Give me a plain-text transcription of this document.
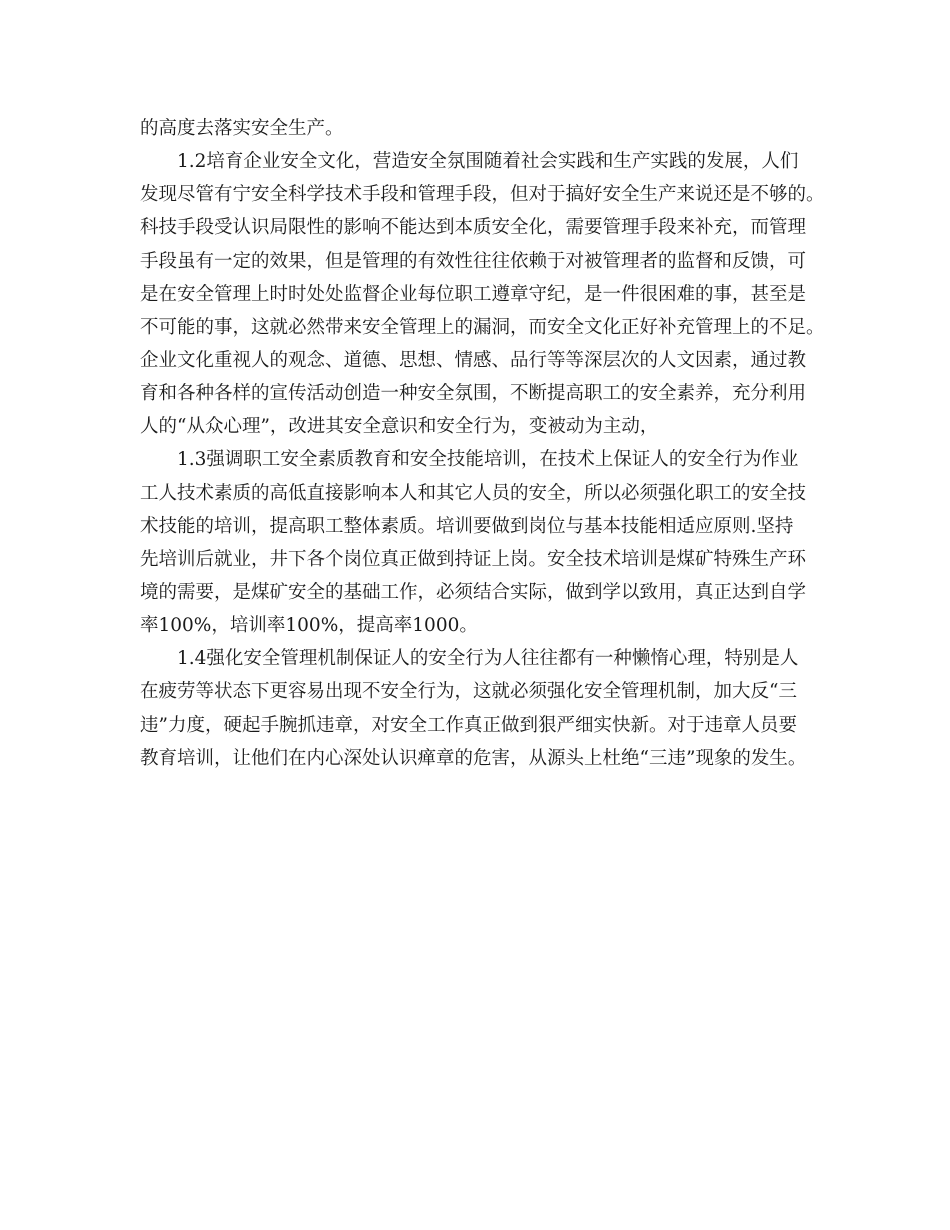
的高度去落实安全生产。
1.2培育企业安全文化，营造安全氛围随着社会实践和生产实践的发展，人们
发现尽管有宁安全科学技术手段和管理手段，但对于搞好安全生产来说还是不够的。
科技手段受认识局限性的影响不能达到本质安全化，需要管理手段来补充，而管理
手段虽有一定的效果，但是管理的有效性往往依赖于对被管理者的监督和反馈，可
是在安全管理上时时处处监督企业每位职工遵章守纪，是一件很困难的事，甚至是
不可能的事，这就必然带来安全管理上的漏洞，而安全文化正好补充管理上的不足。
企业文化重视人的观念、道德、思想、情感、品行等等深层次的人文因素，通过教
育和各种各样的宣传活动创造一种安全氛围，不断提高职工的安全素养，充分利用
人的“从众心理”，改进其安全意识和安全行为，变被动为主动，
1.3强调职工安全素质教育和安全技能培训，在技术上保证人的安全行为作业
工人技术素质的高低直接影响本人和其它人员的安全，所以必须强化职工的安全技
术技能的培训，提高职工整体素质。培训要做到岗位与基本技能相适应原则.坚持
先培训后就业，井下各个岗位真正做到持证上岗。安全技术培训是煤矿特殊生产环
境的需要，是煤矿安全的基础工作，必须结合实际，做到学以致用，真正达到自学
率100%，培训率100%，提高率1000。
1.4强化安全管理机制保证人的安全行为人往往都有一种懒惰心理，特别是人
在疲劳等状态下更容易出现不安全行为，这就必须强化安全管理机制，加大反“三
违”力度，硬起手腕抓违章，对安全工作真正做到狠严细实快新。对于违章人员要
教育培训，让他们在内心深处认识瘅章的危害，从源头上杜绝“三违”现象的发生。
